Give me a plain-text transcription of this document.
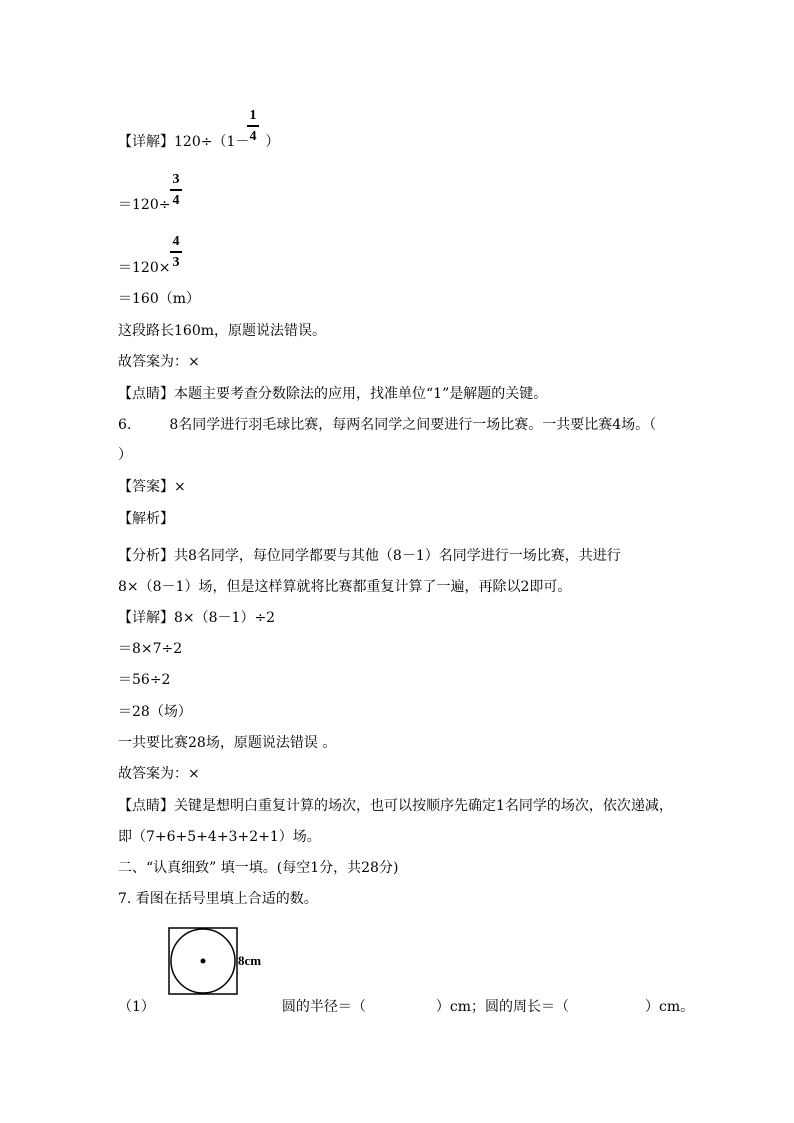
【详解】120÷（1－ ）
1
4
＝120÷
3
4
＝120×
4
3
＝160（m）
这段路长160m，原题说法错误。
故答案为：×
【点睛】本题主要考查分数除法的应用，找准单位“1”是解题的关键。
6.	8名同学进行羽毛球比赛，每两名同学之间要进行一场比赛。一共要比赛4场。（
）
【答案】×
【解析】
【分析】共8名同学，每位同学都要与其他（8－1）名同学进行一场比赛，共进行
8×（8－1）场，但是这样算就将比赛都重复计算了一遍，再除以2即可。
【详解】8×（8－1）÷2
＝8×7÷2
＝56÷2
＝28（场）
一共要比赛28场，原题说法错误 。
故答案为：×
【点睛】关键是想明白重复计算的场次，也可以按顺序先确定1名同学的场次，依次递减，
即（7+6+5+4+3+2+1）场。
二、“认真细致” 填一填。(每空1分，共28分)
7. 看图在括号里填上合适的数。
8cm
（1）	圆的半径＝（	）cm；圆的周长＝（	）cm。
